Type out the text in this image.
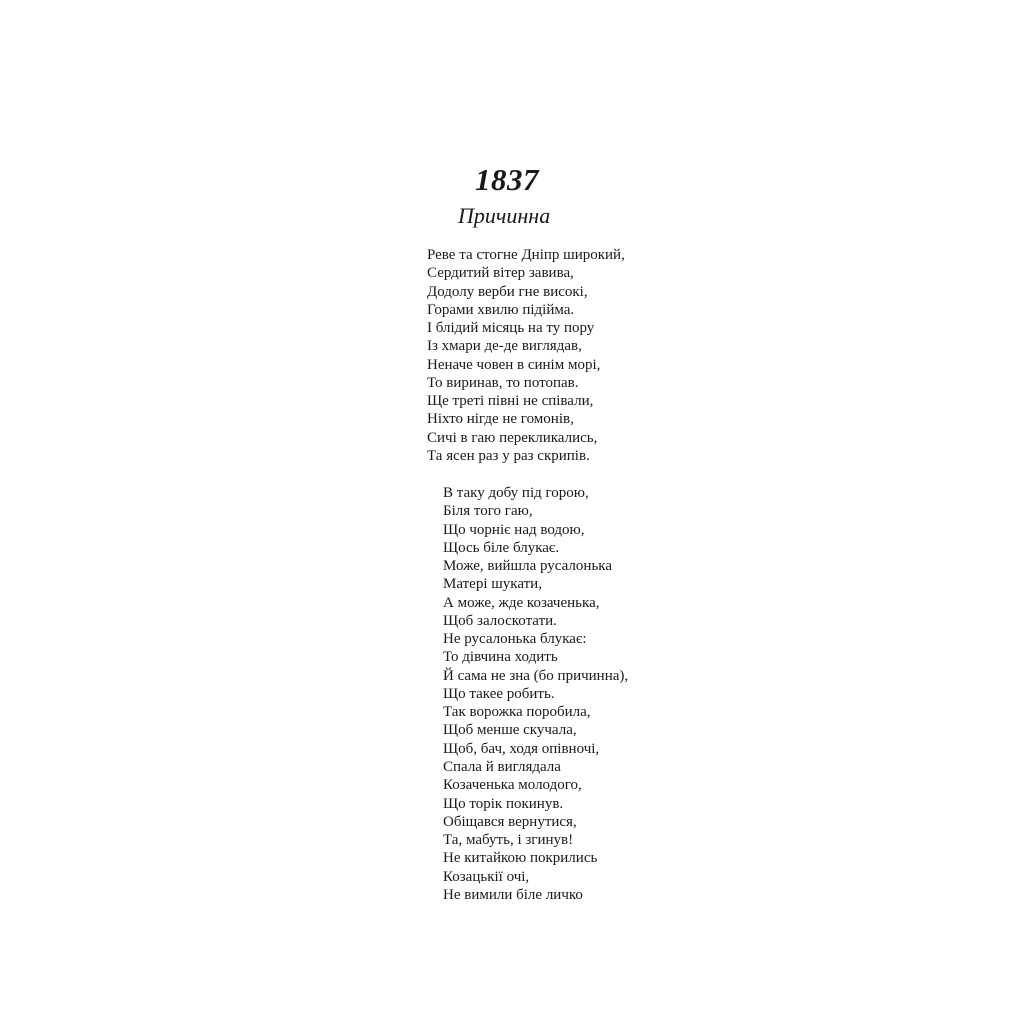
1837
Причинна
Реве та стогне Дніпр широкий,
Сердитий вітер завива,
Додолу верби гне високі,
Горами хвилю підійма.
І блідий місяць на ту пору
Із хмари де-де виглядав,
Неначе човен в синім морі,
То виринав, то потопав.
Ще треті півні не співали,
Ніхто нігде не гомонів,
Сичі в гаю перекликались,
Та ясен раз у раз скрипів.
В таку добу під горою,
Біля того гаю,
Що чорніє над водою,
Щось біле блукає.
Може, вийшла русалонька
Матері шукати,
А може, жде козаченька,
Щоб залоскотати.
Не русалонька блукає:
То дівчина ходить
Й сама не зна (бо причинна),
Що такее робить.
Так ворожка поробила,
Щоб менше скучала,
Щоб, бач, ходя опівночі,
Спала й виглядала
Козаченька молодого,
Що торік покинув.
Обіщався вернутися,
Та, мабуть, і згинув!
Не китайкою покрились
Козацькії очі,
Не вимили біле личко
